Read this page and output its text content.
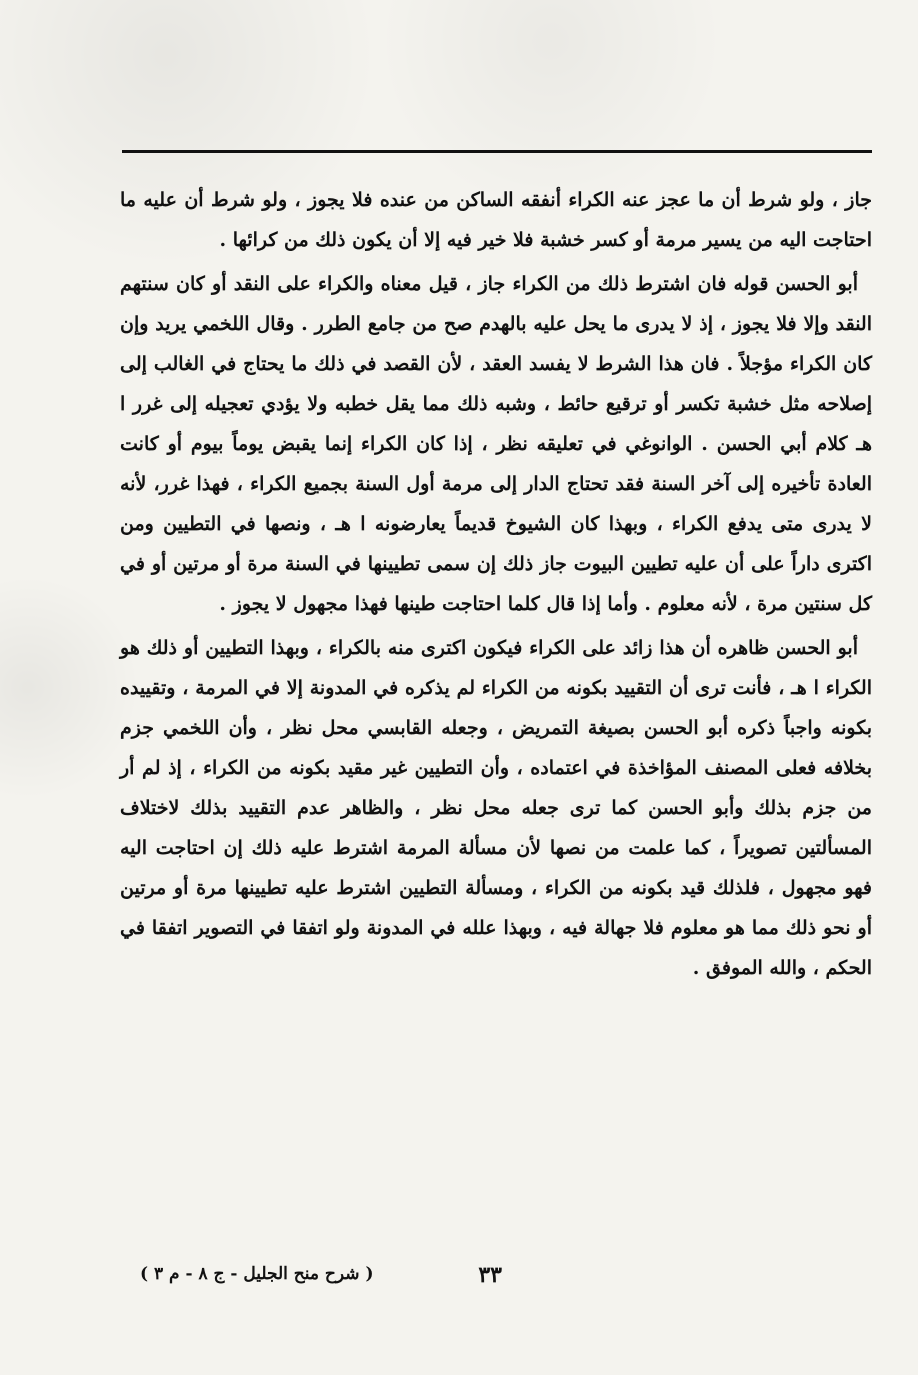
جاز ، ولو شرط أن ما عجز عنه الكراء أنفقه الساكن من عنده فلا يجوز ، ولو شرط أن عليه ما احتاجت اليه من يسير مرمة أو كسر خشبة فلا خير فيه إلا أن يكون ذلك من كرائها .

أبو الحسن قوله فان اشترط ذلك من الكراء جاز ، قيل معناه والكراء على النقد أو كان سنتهم النقد وإلا فلا يجوز ، إذ لا يدرى ما يحل عليه بالهدم صح من جامع الطرر . وقال اللخمي يريد وإن كان الكراء مؤجلاً . فان هذا الشرط لا يفسد العقد ، لأن القصد في ذلك ما يحتاج في الغالب إلى إصلاحه مثل خشبة تكسر أو ترقيع حائط ، وشبه ذلك مما يقل خطبه ولا يؤدي تعجيله إلى غرر ا هـ كلام أبي الحسن . الوانوغي في تعليقه نظر ، إذا كان الكراء إنما يقبض يوماً بيوم أو كانت العادة تأخيره إلى آخر السنة فقد تحتاج الدار إلى مرمة أول السنة بجميع الكراء ، فهذا غرر، لأنه لا يدرى متى يدفع الكراء ، وبهذا كان الشيوخ قديماً يعارضونه ا هـ ، ونصها في التطيين ومن اكترى داراً على أن عليه تطيين البيوت جاز ذلك إن سمى تطيينها في السنة مرة أو مرتين أو في كل سنتين مرة ، لأنه معلوم . وأما إذا قال كلما احتاجت طينها فهذا مجهول لا يجوز .

أبو الحسن ظاهره أن هذا زائد على الكراء فيكون اكترى منه بالكراء ، وبهذا التطيين أو ذلك هو الكراء ا هـ ، فأنت ترى أن التقييد بكونه من الكراء لم يذكره في المدونة إلا في المرمة ، وتقييده بكونه واجباً ذكره أبو الحسن بصيغة التمريض ، وجعله القابسي محل نظر ، وأن اللخمي جزم بخلافه فعلى المصنف المؤاخذة في اعتماده ، وأن التطيين غير مقيد بكونه من الكراء ، إذ لم أر من جزم بذلك وأبو الحسن كما ترى جعله محل نظر ، والظاهر عدم التقييد بذلك لاختلاف المسألتين تصويراً ، كما علمت من نصها لأن مسألة المرمة اشترط عليه ذلك إن احتاجت اليه فهو مجهول ، فلذلك قيد بكونه من الكراء ، ومسألة التطيين اشترط عليه تطيينها مرة أو مرتين أو نحو ذلك مما هو معلوم فلا جهالة فيه ، وبهذا علله في المدونة ولو اتفقا في التصوير اتفقا في الحكم ، والله الموفق .

٣٣
( شرح منح الجليل - ج ٨ - م ٣ )
